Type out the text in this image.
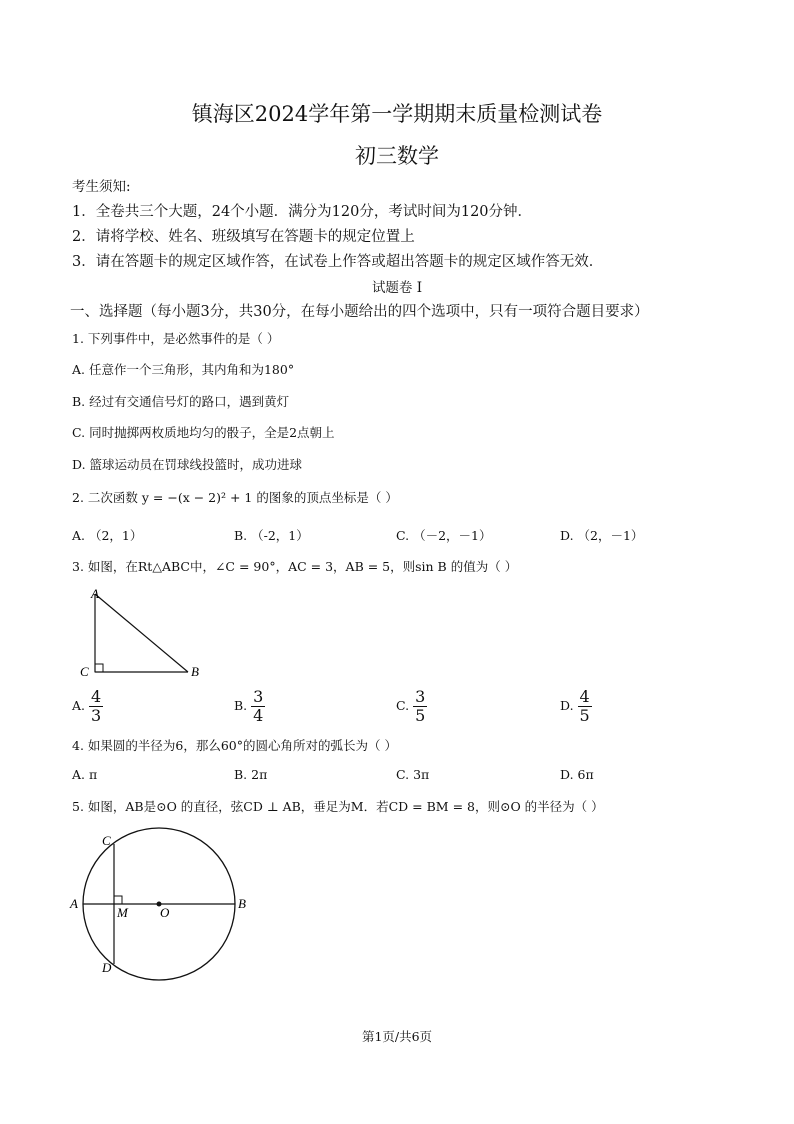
镇海区2024学年第一学期期末质量检测试卷
初三数学
考生须知:
1．全卷共三个大题，24个小题．满分为120分，考试时间为120分钟．
2．请将学校、姓名、班级填写在答题卡的规定位置上
3．请在答题卡的规定区域作答，在试卷上作答或超出答题卡的规定区域作答无效．
试题卷 I
一、选择题（每小题3分，共30分，在每小题给出的四个选项中，只有一项符合题目要求）
1. 下列事件中，是必然事件的是（ ）
A. 任意作一个三角形，其内角和为180°
B. 经过有交通信号灯的路口，遇到黄灯
C. 同时抛掷两枚质地均匀的骰子，全是2点朝上
D. 篮球运动员在罚球线投篮时，成功进球
2. 二次函数 y = −(x − 2)² + 1 的图象的顶点坐标是（ ）
A. （2，1）	B. （-2，1）	C. （－2，－1）	D. （2，－1）
3. 如图，在Rt△ABC中，∠C = 90°，AC = 3，AB = 5，则sin B 的值为（ ）
A
C	B
A. $\frac{4}{3}$	B. $\frac{3}{4}$	C. $\frac{3}{5}$	D. $\frac{4}{5}$
4. 如果圆的半径为6，那么60°的圆心角所对的弧长为（ ）
A. π	B. 2π	C. 3π	D. 6π
5. 如图，AB是⊙O 的直径，弦CD ⊥ AB，垂足为M．若CD = BM = 8，则⊙O 的半径为（ ）
C
A
M O
B
D
第1页/共6页
